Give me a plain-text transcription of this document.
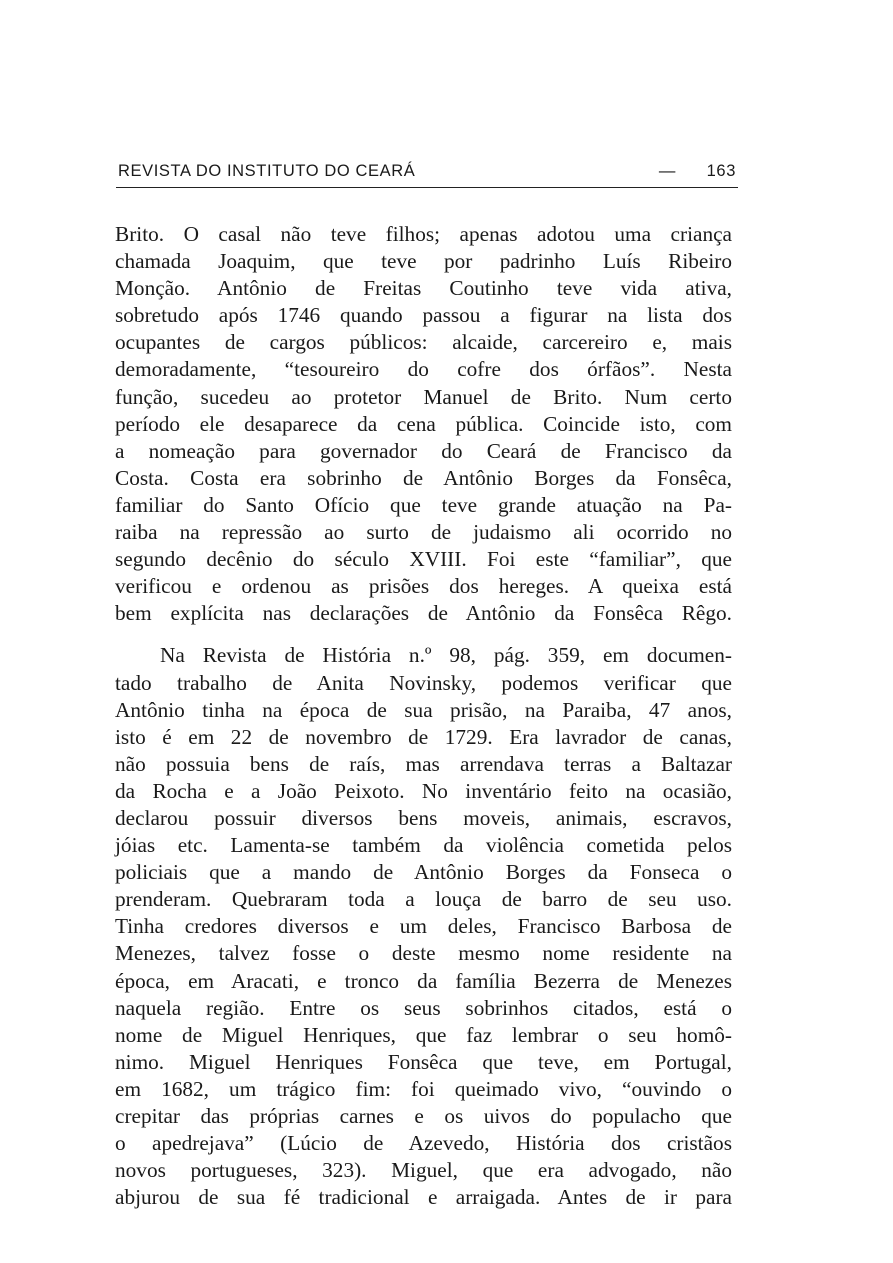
REVISTA DO INSTITUTO DO CEARÁ	— 163
Brito. O casal não teve filhos; apenas adotou uma criança
chamada Joaquim, que teve por padrinho Luís Ribeiro
Monção. Antônio de Freitas Coutinho teve vida ativa,
sobretudo após 1746 quando passou a figurar na lista dos
ocupantes de cargos públicos: alcaide, carcereiro e, mais
demoradamente, “tesoureiro do cofre dos órfãos”. Nesta
função, sucedeu ao protetor Manuel de Brito. Num certo
período ele desaparece da cena pública. Coincide isto, com
a nomeação para governador do Ceará de Francisco da
Costa. Costa era sobrinho de Antônio Borges da Fonsêca,
familiar do Santo Ofício que teve grande atuação na Pa-
raiba na repressão ao surto de judaismo ali ocorrido no
segundo decênio do século XVIII. Foi este “familiar”, que
verificou e ordenou as prisões dos hereges. A queixa está
bem explícita nas declarações de Antônio da Fonsêca Rêgo.
Na Revista de História n.º 98, pág. 359, em documen-
tado trabalho de Anita Novinsky, podemos verificar que
Antônio tinha na época de sua prisão, na Paraiba, 47 anos,
isto é em 22 de novembro de 1729. Era lavrador de canas,
não possuia bens de raís, mas arrendava terras a Baltazar
da Rocha e a João Peixoto. No inventário feito na ocasião,
declarou possuir diversos bens moveis, animais, escravos,
jóias etc. Lamenta-se também da violência cometida pelos
policiais que a mando de Antônio Borges da Fonseca o
prenderam. Quebraram toda a louça de barro de seu uso.
Tinha credores diversos e um deles, Francisco Barbosa de
Menezes, talvez fosse o deste mesmo nome residente na
época, em Aracati, e tronco da família Bezerra de Menezes
naquela região. Entre os seus sobrinhos citados, está o
nome de Miguel Henriques, que faz lembrar o seu homô-
nimo. Miguel Henriques Fonsêca que teve, em Portugal,
em 1682, um trágico fim: foi queimado vivo, “ouvindo o
crepitar das próprias carnes e os uivos do populacho que
o apedrejava” (Lúcio de Azevedo, História dos cristãos
novos portugueses, 323). Miguel, que era advogado, não
abjurou de sua fé tradicional e arraigada. Antes de ir para
